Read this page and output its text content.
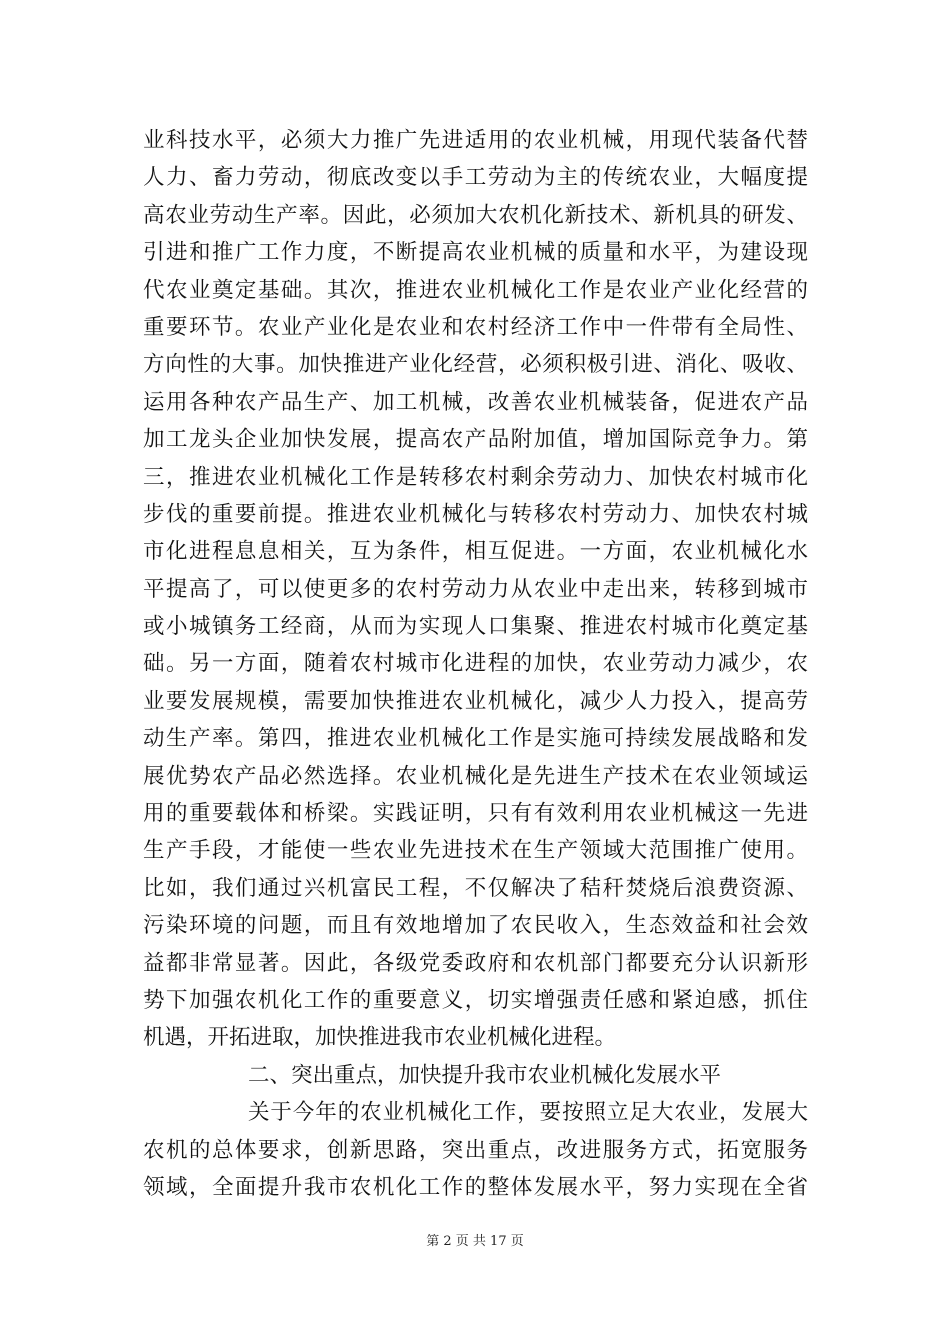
业科技水平，必须大力推广先进适用的农业机械，用现代装备代替
人力、畜力劳动，彻底改变以手工劳动为主的传统农业，大幅度提
高农业劳动生产率。因此，必须加大农机化新技术、新机具的研发、
引进和推广工作力度，不断提高农业机械的质量和水平，为建设现
代农业奠定基础。其次，推进农业机械化工作是农业产业化经营的
重要环节。农业产业化是农业和农村经济工作中一件带有全局性、
方向性的大事。加快推进产业化经营，必须积极引进、消化、吸收、
运用各种农产品生产、加工机械，改善农业机械装备，促进农产品
加工龙头企业加快发展，提高农产品附加值，增加国际竞争力。第
三，推进农业机械化工作是转移农村剩余劳动力、加快农村城市化
步伐的重要前提。推进农业机械化与转移农村劳动力、加快农村城
市化进程息息相关，互为条件，相互促进。一方面，农业机械化水
平提高了，可以使更多的农村劳动力从农业中走出来，转移到城市
或小城镇务工经商，从而为实现人口集聚、推进农村城市化奠定基
础。另一方面，随着农村城市化进程的加快，农业劳动力减少，农
业要发展规模，需要加快推进农业机械化，减少人力投入，提高劳
动生产率。第四，推进农业机械化工作是实施可持续发展战略和发
展优势农产品必然选择。农业机械化是先进生产技术在农业领域运
用的重要载体和桥梁。实践证明，只有有效利用农业机械这一先进
生产手段，才能使一些农业先进技术在生产领域大范围推广使用。
比如，我们通过兴机富民工程，不仅解决了秸秆焚烧后浪费资源、
污染环境的问题，而且有效地增加了农民收入，生态效益和社会效
益都非常显著。因此，各级党委政府和农机部门都要充分认识新形
势下加强农机化工作的重要意义，切实增强责任感和紧迫感，抓住
机遇，开拓进取，加快推进我市农业机械化进程。
二、突出重点，加快提升我市农业机械化发展水平
关于今年的农业机械化工作，要按照立足大农业，发展大
农机的总体要求，创新思路，突出重点，改进服务方式，拓宽服务
领域，全面提升我市农机化工作的整体发展水平，努力实现在全省
第 2 页 共 17 页
